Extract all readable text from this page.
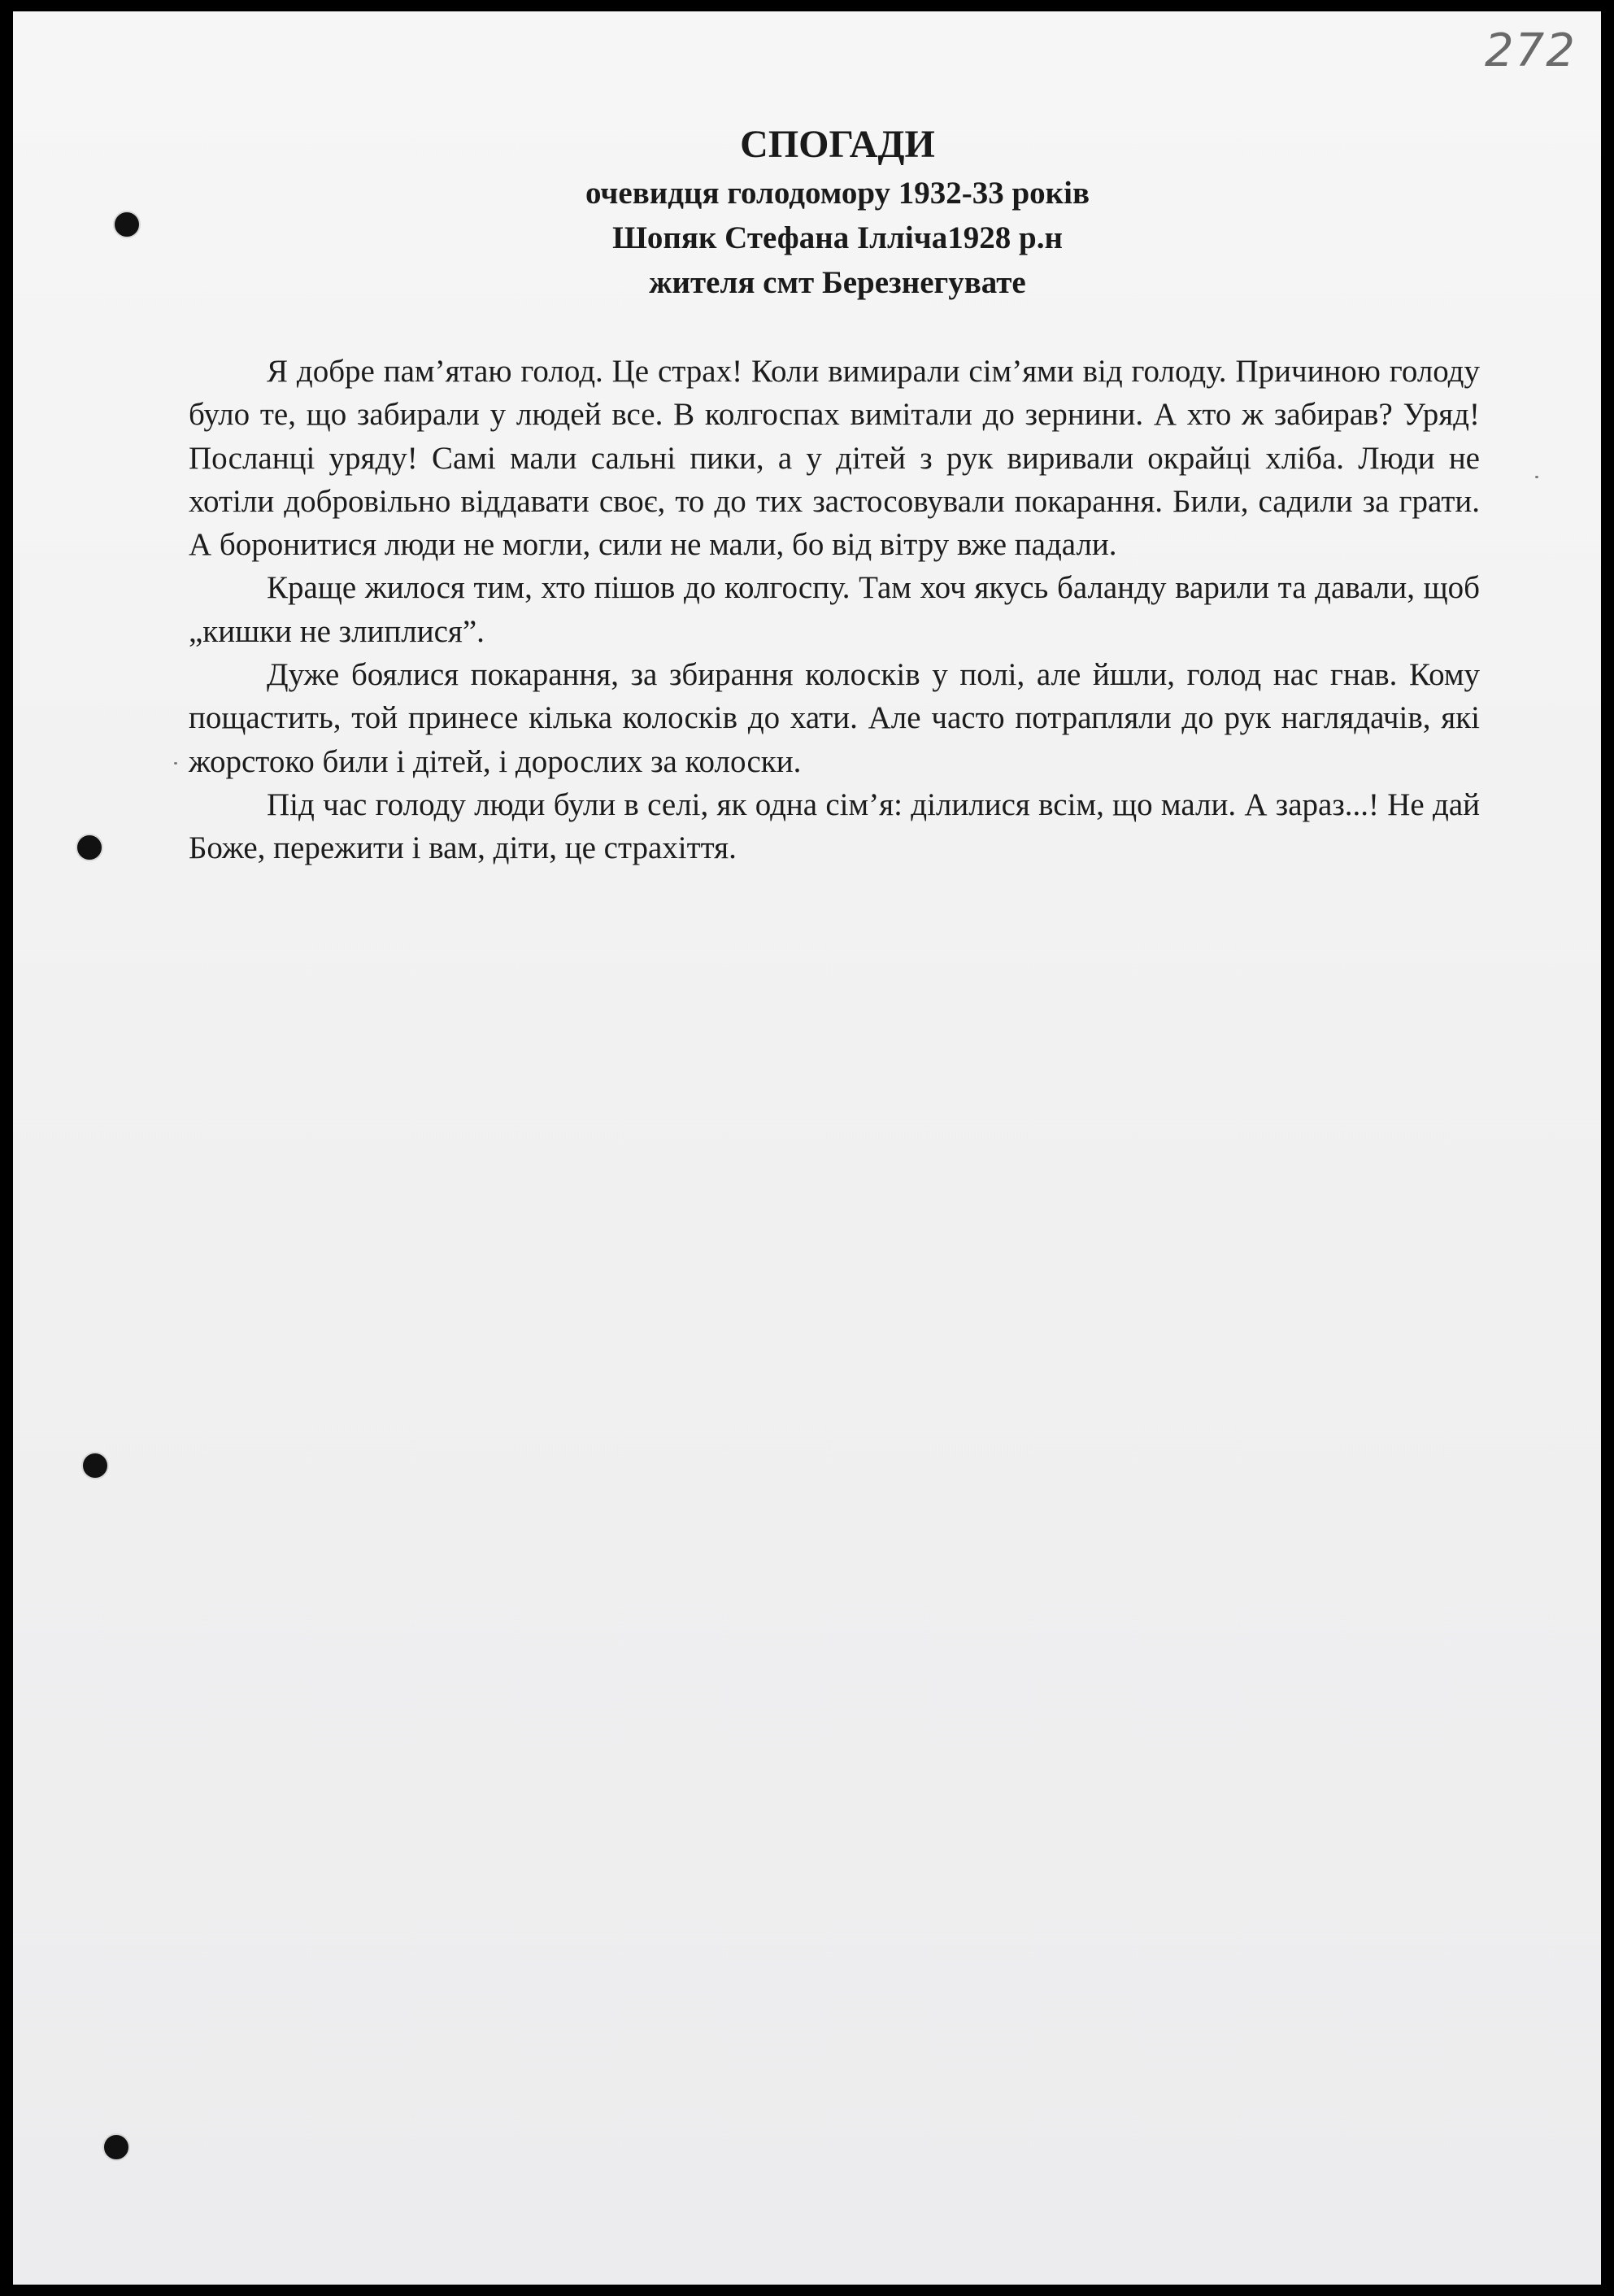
272

СПОГАДИ
очевидця голодомору 1932-33 років
Шопяк Стефана Ілліча1928 р.н
жителя смт Березнегувате

Я добре пам’ятаю голод. Це страх! Коли вимирали сім’ями від голоду. Причиною голоду було те, що забирали у людей все. В колгоспах вимітали до зернини. А хто ж забирав? Уряд! Посланці уряду! Самі мали сальні пики, а у дітей з рук виривали окрайці хліба. Люди не хотіли добровільно віддавати своє, то до тих застосовували покарання. Били, садили за грати. А боронитися люди не могли, сили не мали, бо від вітру вже падали.

Краще жилося тим, хто пішов до колгоспу. Там хоч якусь баланду варили та давали, щоб „кишки не злиплися”.

Дуже боялися покарання, за збирання колосків у полі, але йшли, голод нас гнав. Кому пощастить, той принесе кілька колосків до хати. Але часто потрапляли до рук наглядачів, які жорстоко били і дітей, і дорослих за колоски.

Під час голоду люди були в селі, як одна сім’я: ділилися всім, що мали. А зараз...! Не дай Боже, пережити і вам, діти, це страхіття.
